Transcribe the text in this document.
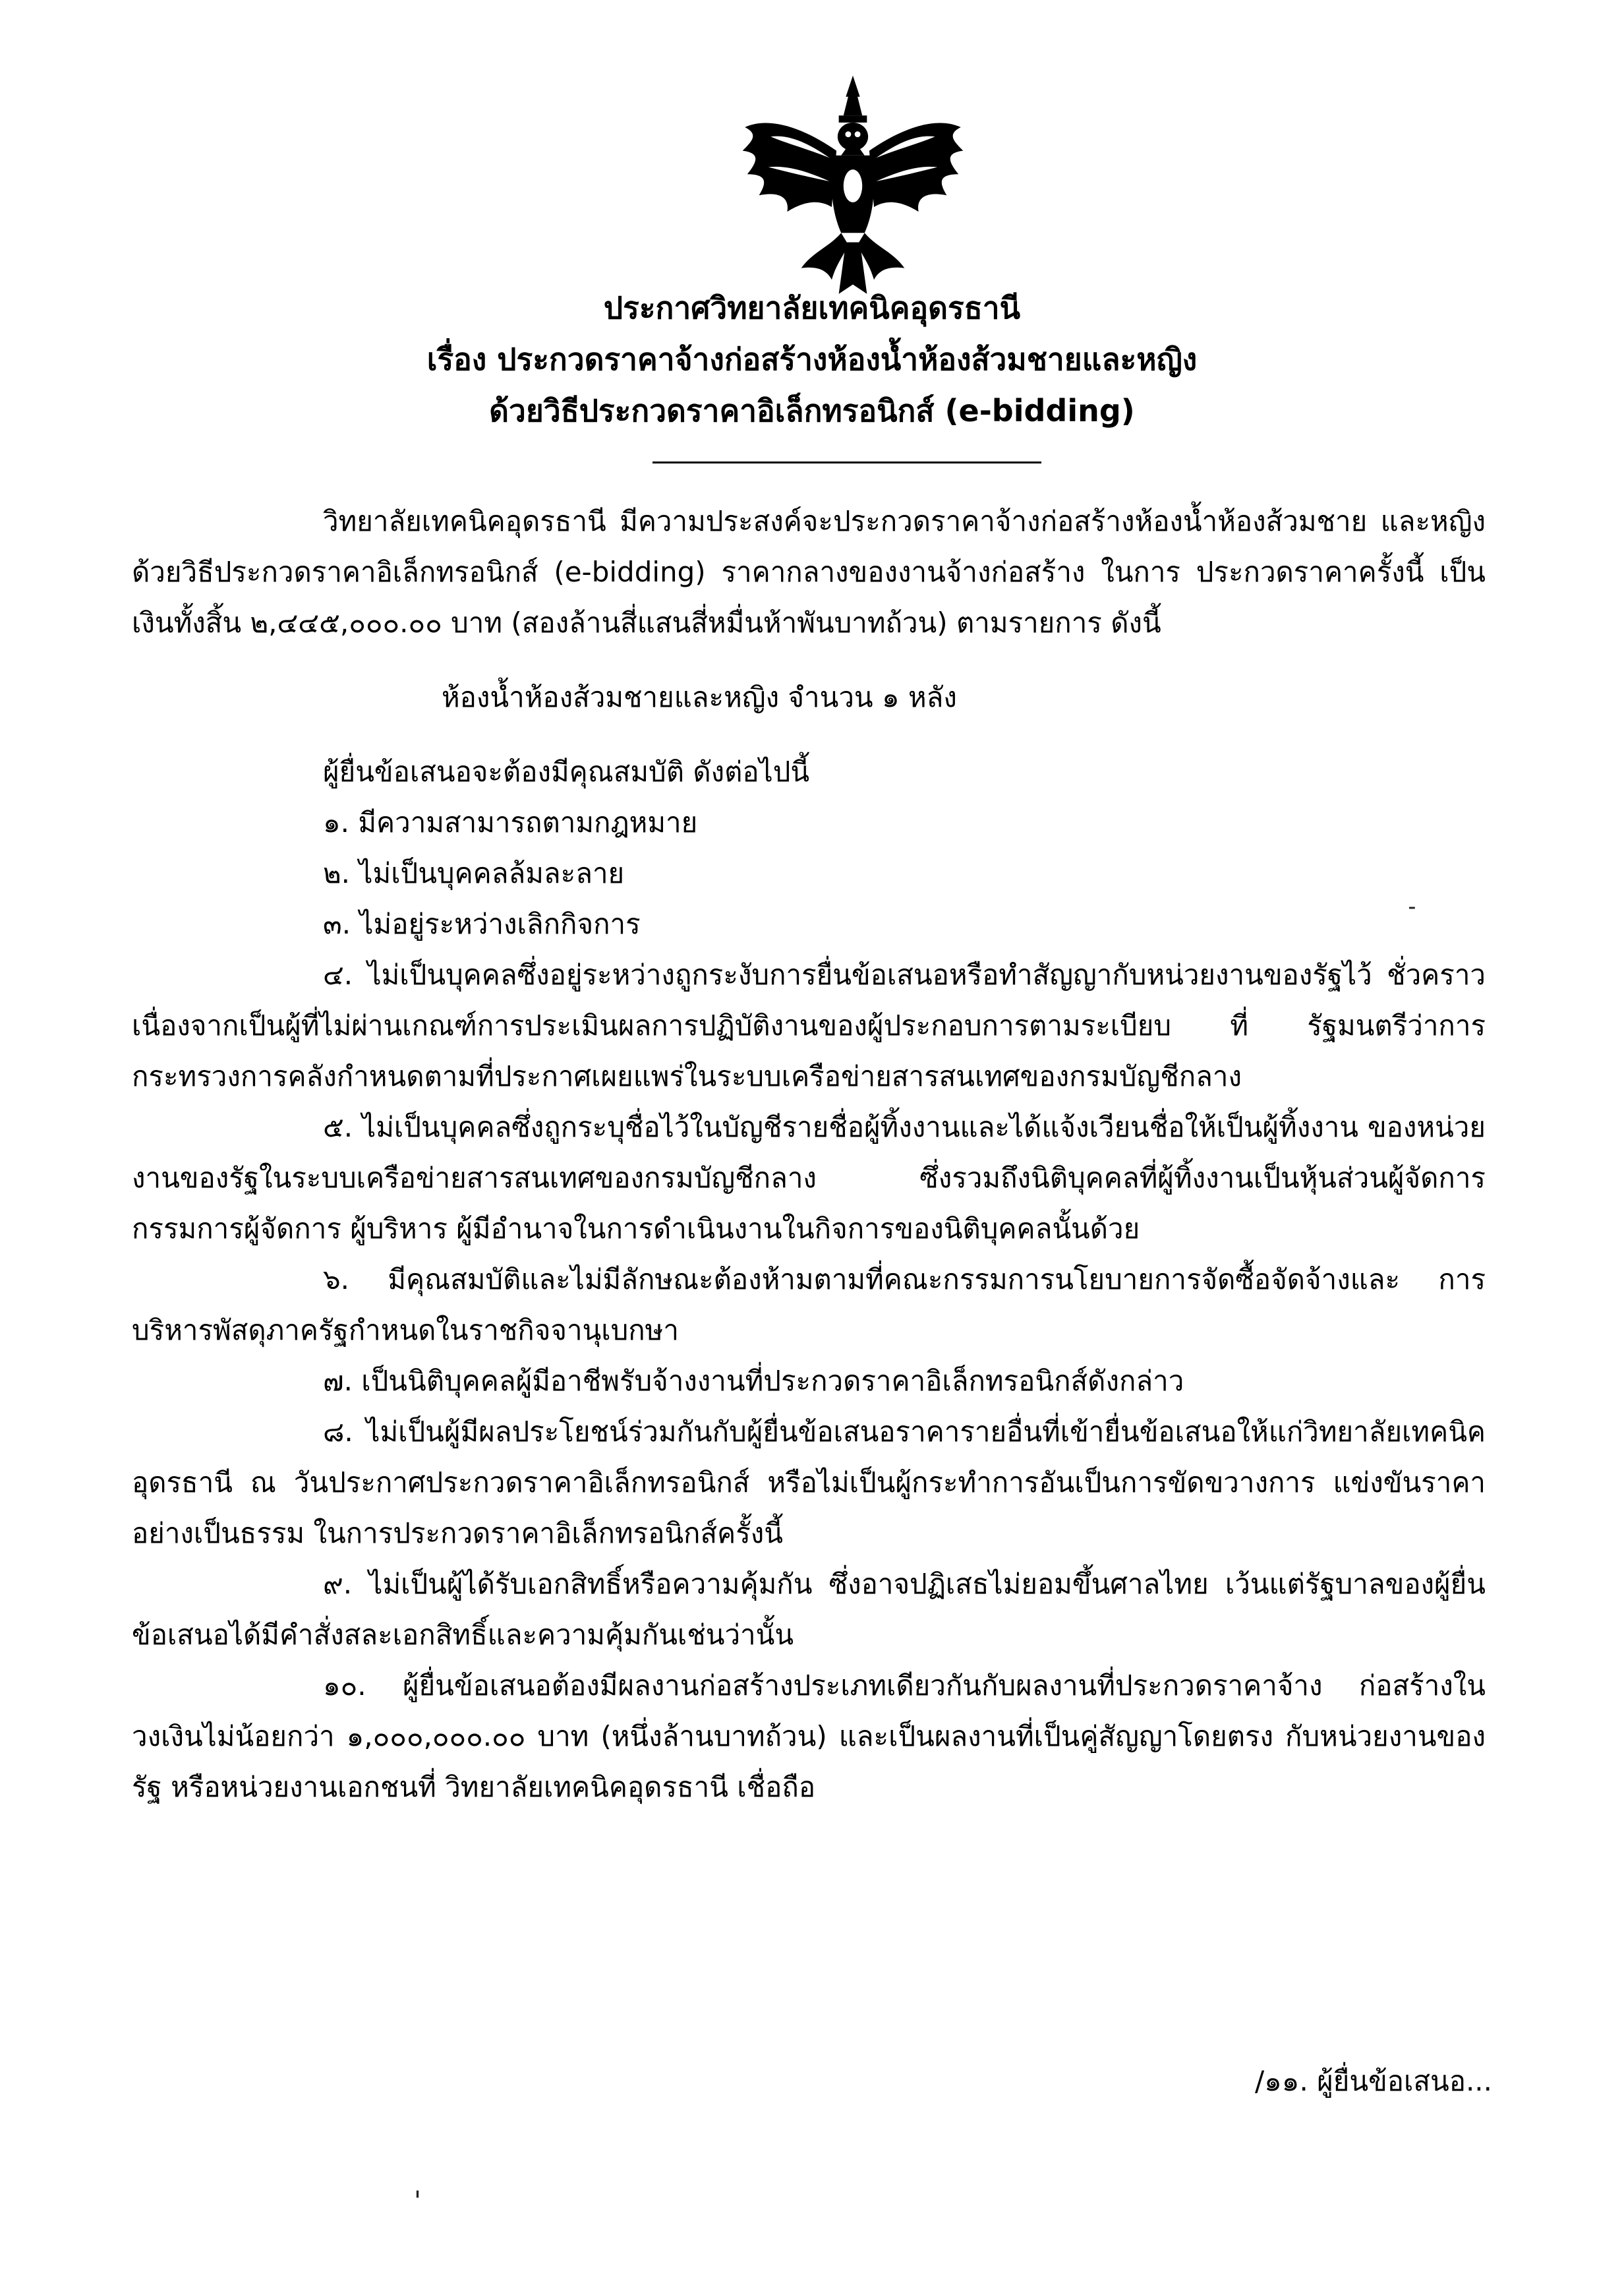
ประกาศวิทยาลัยเทคนิคอุดรธานี
เรื่อง ประกวดราคาจ้างก่อสร้างห้องน้ำห้องส้วมชายและหญิง
ด้วยวิธีประกวดราคาอิเล็กทรอนิกส์ (e-bidding)

วิทยาลัยเทคนิคอุดรธานี มีความประสงค์จะประกวดราคาจ้างก่อสร้างห้องน้ำห้องส้วมชาย และหญิง ด้วยวิธีประกวดราคาอิเล็กทรอนิกส์ (e-bidding) ราคากลางของงานจ้างก่อสร้าง ในการ ประกวดราคาครั้งนี้ เป็นเงินทั้งสิ้น ๒,๔๔๕,๐๐๐.๐๐ บาท (สองล้านสี่แสนสี่หมื่นห้าพันบาทถ้วน) ตามรายการ ดังนี้

ห้องน้ำห้องส้วมชายและหญิง จำนวน ๑ หลัง

ผู้ยื่นข้อเสนอจะต้องมีคุณสมบัติ ดังต่อไปนี้

๑. มีความสามารถตามกฎหมาย

๒. ไม่เป็นบุคคลล้มละลาย

๓. ไม่อยู่ระหว่างเลิกกิจการ

๔. ไม่เป็นบุคคลซึ่งอยู่ระหว่างถูกระงับการยื่นข้อเสนอหรือทำสัญญากับหน่วยงานของรัฐไว้ ชั่วคราว เนื่องจากเป็นผู้ที่ไม่ผ่านเกณฑ์การประเมินผลการปฏิบัติงานของผู้ประกอบการตามระเบียบ ที่ รัฐมนตรีว่าการกระทรวงการคลังกำหนดตามที่ประกาศเผยแพร่ในระบบเครือข่ายสารสนเทศของกรมบัญชีกลาง

๕. ไม่เป็นบุคคลซึ่งถูกระบุชื่อไว้ในบัญชีรายชื่อผู้ทิ้งงานและได้แจ้งเวียนชื่อให้เป็นผู้ทิ้งงาน ของหน่วยงานของรัฐในระบบเครือข่ายสารสนเทศของกรมบัญชีกลาง ซึ่งรวมถึงนิติบุคคลที่ผู้ทิ้งงานเป็นหุ้นส่วนผู้จัดการ กรรมการผู้จัดการ ผู้บริหาร ผู้มีอำนาจในการดำเนินงานในกิจการของนิติบุคคลนั้นด้วย

๖. มีคุณสมบัติและไม่มีลักษณะต้องห้ามตามที่คณะกรรมการนโยบายการจัดซื้อจัดจ้างและ การบริหารพัสดุภาครัฐกำหนดในราชกิจจานุเบกษา

๗. เป็นนิติบุคคลผู้มีอาชีพรับจ้างงานที่ประกวดราคาอิเล็กทรอนิกส์ดังกล่าว

๘. ไม่เป็นผู้มีผลประโยชน์ร่วมกันกับผู้ยื่นข้อเสนอราคารายอื่นที่เข้ายื่นข้อเสนอให้แก่วิทยาลัยเทคนิคอุดรธานี ณ วันประกาศประกวดราคาอิเล็กทรอนิกส์ หรือไม่เป็นผู้กระทำการอันเป็นการขัดขวางการ แข่งขันราคาอย่างเป็นธรรม ในการประกวดราคาอิเล็กทรอนิกส์ครั้งนี้

๙. ไม่เป็นผู้ได้รับเอกสิทธิ์หรือความคุ้มกัน ซึ่งอาจปฏิเสธไม่ยอมขึ้นศาลไทย เว้นแต่รัฐบาลของผู้ยื่นข้อเสนอได้มีคำสั่งสละเอกสิทธิ์และความคุ้มกันเช่นว่านั้น

๑๐. ผู้ยื่นข้อเสนอต้องมีผลงานก่อสร้างประเภทเดียวกันกับผลงานที่ประกวดราคาจ้าง ก่อสร้างในวงเงินไม่น้อยกว่า ๑,๐๐๐,๐๐๐.๐๐ บาท (หนึ่งล้านบาทถ้วน) และเป็นผลงานที่เป็นคู่สัญญาโดยตรง กับหน่วยงานของรัฐ หรือหน่วยงานเอกชนที่ วิทยาลัยเทคนิคอุดรธานี เชื่อถือ

˗
'
/๑๑. ผู้ยื่นข้อเสนอ...
